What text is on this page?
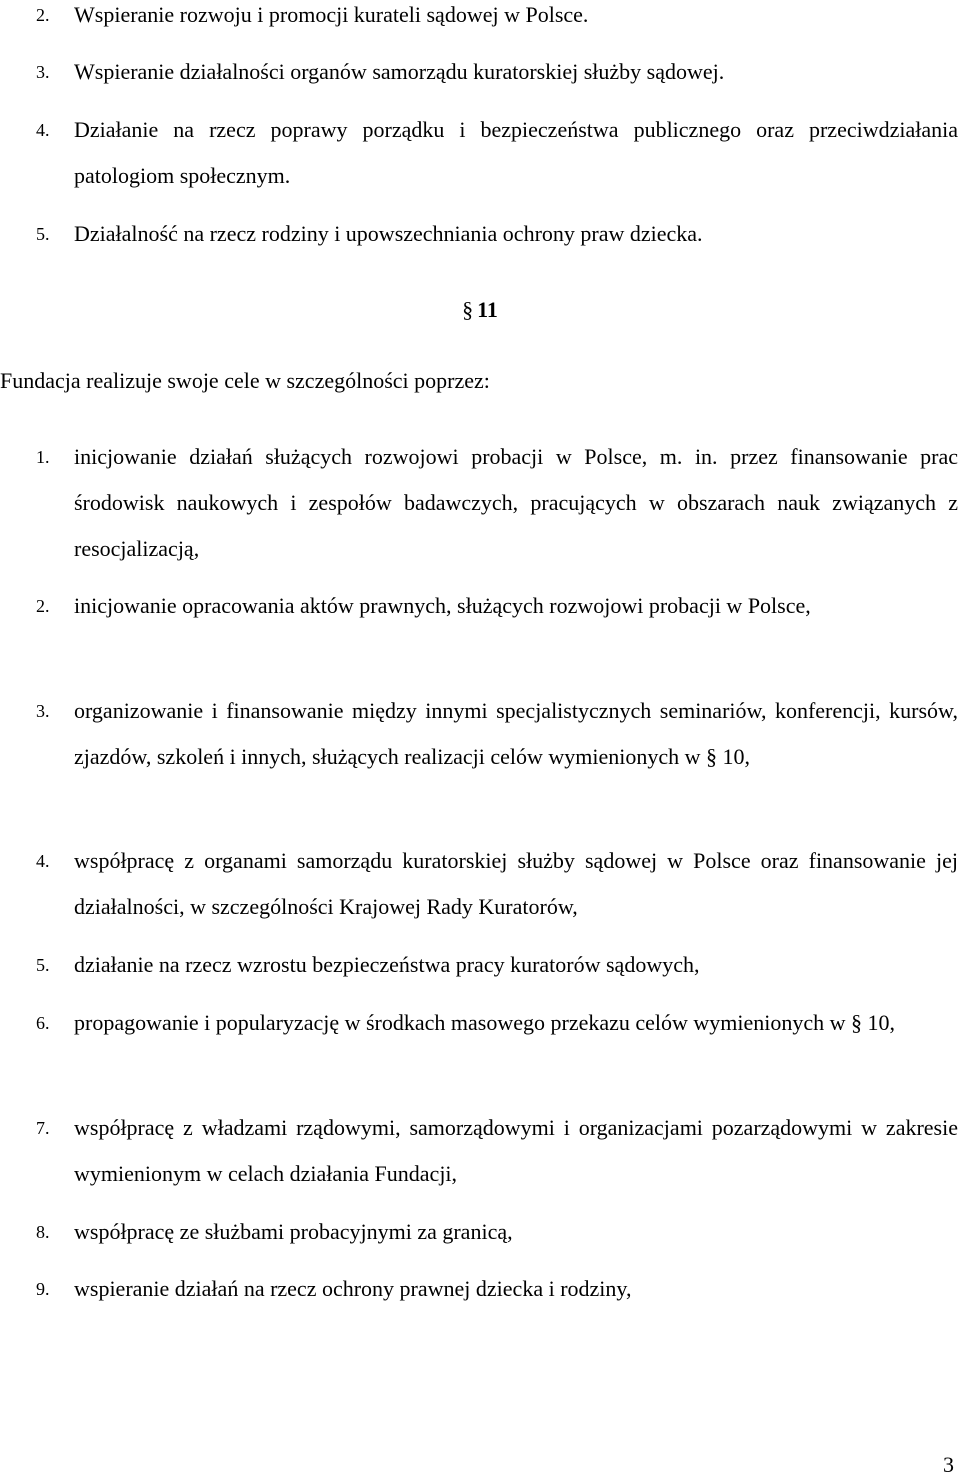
2.	Wspieranie rozwoju i promocji kurateli sądowej w Polsce.
3.	Wspieranie działalności organów samorządu kuratorskiej służby sądowej.
4.	Działanie na rzecz poprawy porządku i bezpieczeństwa publicznego oraz przeciwdziałania patologiom społecznym.
5.	Działalność na rzecz rodziny i upowszechniania ochrony praw dziecka.
§ 11
Fundacja realizuje swoje cele w szczególności poprzez:
1.	inicjowanie działań służących rozwojowi probacji w Polsce, m. in. przez finansowanie prac środowisk naukowych i zespołów badawczych, pracujących w obszarach nauk związanych z resocjalizacją,
2.	inicjowanie opracowania aktów prawnych, służących rozwojowi probacji w Polsce,
3.	organizowanie i finansowanie między innymi specjalistycznych seminariów, konferencji, kursów, zjazdów, szkoleń i innych, służących realizacji celów wymienionych w § 10,
4.	współpracę z organami samorządu kuratorskiej służby sądowej w Polsce oraz finansowanie jej działalności, w szczególności Krajowej Rady Kuratorów,
5.	działanie na rzecz wzrostu bezpieczeństwa pracy kuratorów sądowych,
6.	propagowanie i popularyzację w środkach masowego przekazu celów wymienionych w § 10,
7.	współpracę z władzami rządowymi, samorządowymi i organizacjami pozarządowymi w zakresie wymienionym w celach działania Fundacji,
8.	współpracę ze służbami probacyjnymi za granicą,
9.	wspieranie działań na rzecz ochrony prawnej dziecka i rodziny,
3
